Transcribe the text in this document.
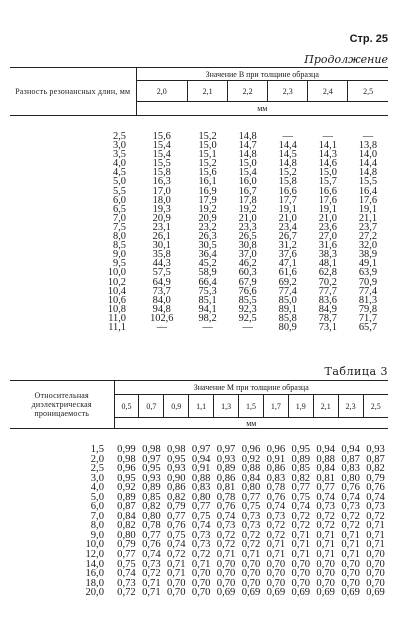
Стр. 25
Продолжение
Разность резонансных длин, мм	Значение B при толщине образца					
	2,0	2,1	2,2	2,3	2,4	2,5
	мм					

2,5	15,6	15,2	14,8	—	—	—
3,0	15,4	15,0	14,7	14,4	14,1	13,8
3,5	15,4	15,1	14,8	14,5	14,3	14,0
4,0	15,5	15,2	15,0	14,8	14,6	14,4
4,5	15,8	15,6	15,4	15,2	15,0	14,8
5,0	16,3	16,1	16,0	15,8	15,7	15,5
5,5	17,0	16,9	16,7	16,6	16,6	16,4
6,0	18,0	17,9	17,8	17,7	17,6	17,6
6,5	19,3	19,2	19,2	19,1	19,1	19,1
7,0	20,9	20,9	21,0	21,0	21,0	21,1
7,5	23,1	23,2	23,3	23,4	23,6	23,7
8,0	26,1	26,3	26,5	26,7	27,0	27,2
8,5	30,1	30,5	30,8	31,2	31,6	32,0
9,0	35,8	36,4	37,0	37,6	38,3	38,9
9,5	44,3	45,2	46,2	47,1	48,1	49,1
10,0	57,5	58,9	60,3	61,6	62,8	63,9
10,2	64,9	66,4	67,9	69,2	70,2	70,9
10,4	73,7	75,3	76,6	77,4	77,7	77,4
10,6	84,0	85,1	85,5	85,0	83,6	81,3
10,8	94,8	94,1	92,3	89,1	84,9	79,8
11,0	102,6	98,2	92,5	85,8	78,7	71,7
11,1	—	—	—	80,9	73,1	65,7
Таблица 3
Относительная диэлектрическая проницаемость	Значение M при толщине образца										
	0,5	0,7	0,9	1,1	1,3	1,5	1,7	1,9	2,1	2,3	2,5
	мм										

1,5	0,99	0,98	0,98	0,97	0,97	0,96	0,96	0,95	0,94	0,94	0,93
2,0	0,98	0,97	0,95	0,94	0,93	0,92	0,91	0,89	0,88	0,87	0,87
2,5	0,96	0,95	0,93	0,91	0,89	0,88	0,86	0,85	0,84	0,83	0,82
3,0	0,95	0,93	0,90	0,88	0,86	0,84	0,83	0,82	0,81	0,80	0,79
4,0	0,92	0,89	0,86	0,83	0,81	0,80	0,78	0,77	0,77	0,76	0,76
5,0	0,89	0,85	0,82	0,80	0,78	0,77	0,76	0,75	0,74	0,74	0,74
6,0	0,87	0,82	0,79	0,77	0,76	0,75	0,74	0,74	0,73	0,73	0,73
7,0	0,84	0,80	0,77	0,75	0,74	0,73	0,73	0,72	0,72	0,72	0,72
8,0	0,82	0,78	0,76	0,74	0,73	0,73	0,72	0,72	0,72	0,72	0,71
9,0	0,80	0,77	0,75	0,73	0,72	0,72	0,72	0,71	0,71	0,71	0,71
10,0	0,79	0,76	0,74	0,73	0,72	0,72	0,71	0,71	0,71	0,71	0,71
12,0	0,77	0,74	0,72	0,72	0,71	0,71	0,71	0,71	0,71	0,71	0,70
14,0	0,75	0,73	0,71	0,71	0,70	0,70	0,70	0,70	0,70	0,70	0,70
16,0	0,74	0,72	0,71	0,70	0,70	0,70	0,70	0,70	0,70	0,70	0,70
18,0	0,73	0,71	0,70	0,70	0,70	0,70	0,70	0,70	0,70	0,70	0,70
20,0	0,72	0,71	0,70	0,70	0,69	0,69	0,69	0,69	0,69	0,69	0,69
